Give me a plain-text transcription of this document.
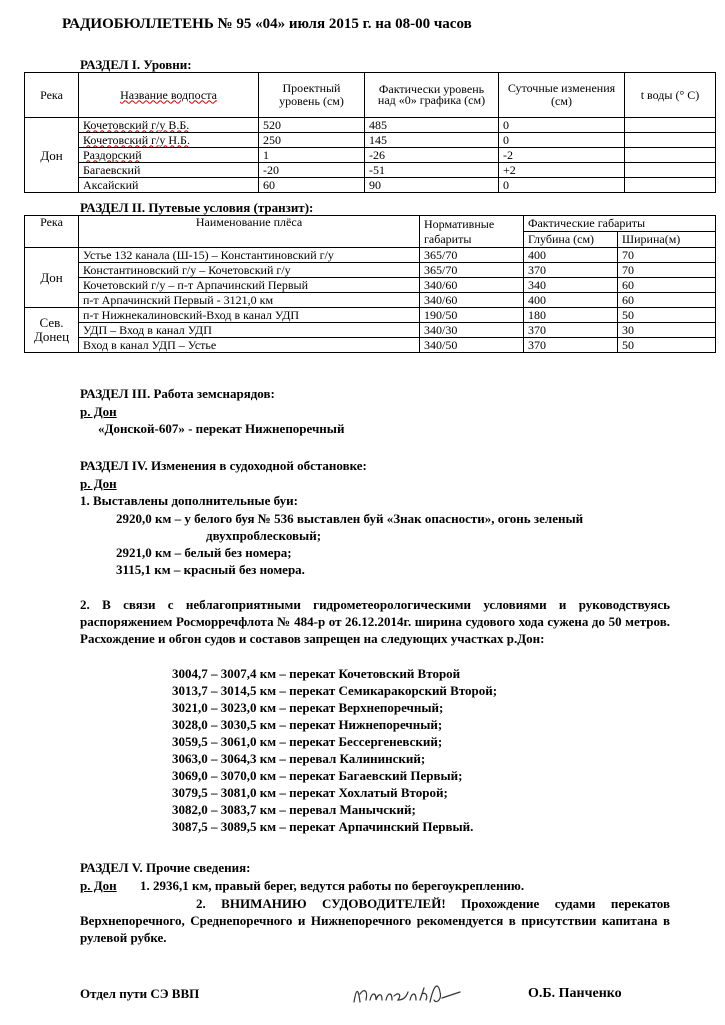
РАДИОБЮЛЛЕТЕНЬ № 95 «04» июля 2015 г. на 08-00 часов
РАЗДЕЛ I. Уровни:
Река	Название водпоста	Проектный уровень (см)	Фактически уровень над «0» графика (см)	Суточные изменения (см)	t воды (° С)
Дон	Кочетовский г/у В.Б.	520	485	0	
	Кочетовский г/у Н.Б.	250	145	0	
	Раздорский	1	-26	-2	
	Багаевский	-20	-51	+2	
	Аксайский	60	90	0	
РАЗДЕЛ II. Путевые условия (транзит):
Река	Наименование плёса	Нормативные габариты	Фактические габариты	
			Глубина (см)	Ширина(м)
Дон	Устье 132 канала (Ш-15) – Константиновский г/у	365/70	400	70
	Константиновский г/у – Кочетовский г/у	365/70	370	70
	Кочетовский г/у – п-т Арпачинский Первый	340/60	340	60
	п-т Арпачинский Первый - 3121,0 км	340/60	400	60
Сев. Донец	п-т Нижнекалиновский-Вход в канал УДП	190/50	180	50
	УДП – Вход в канал УДП	340/30	370	30
	Вход в канал УДП – Устье	340/50	370	50
РАЗДЕЛ III. Работа земснарядов:
р. Дон
«Донской-607» - перекат Нижнепоречный
РАЗДЕЛ IV. Изменения в судоходной обстановке:
р. Дон
1. Выставлены дополнительные буи:
2920,0 км – у белого буя № 536 выставлен буй «Знак опасности», огонь зеленый
двухпроблесковый;
2921,0 км – белый без номера;
3115,1 км – красный без номера.
2. В связи с неблагоприятными гидрометеорологическими условиями и руководствуясь распоряжением Росморречфлота № 484-р от 26.12.2014г. ширина судового хода сужена до 50 метров. Расхождение и обгон судов и составов запрещен на следующих участках р.Дон:
3004,7 – 3007,4 км – перекат Кочетовский Второй
3013,7 – 3014,5 км – перекат Семикаракорский Второй;
3021,0 – 3023,0 км – перекат Верхнепоречный;
3028,0 – 3030,5 км – перекат Нижнепоречный;
3059,5 – 3061,0 км – перекат Бессергеневский;
3063,0 – 3064,3 км – перевал Калининский;
3069,0 – 3070,0 км – перекат Багаевский Первый;
3079,5 – 3081,0 км – перекат Хохлатый Второй;
3082,0 – 3083,7 км – перевал Манычский;
3087,5 – 3089,5 км – перекат Арпачинский Первый.
РАЗДЕЛ V. Прочие сведения:
р. Дон 1. 2936,1 км, правый берег, ведутся работы по берегоукреплению.
2. ВНИМАНИЮ СУДОВОДИТЕЛЕЙ! Прохождение судами перекатов Верхнепоречного, Среднепоречного и Нижнепоречного рекомендуется в присутствии капитана в рулевой рубке.
Отдел пути СЭ ВВП	О.Б. Панченко
